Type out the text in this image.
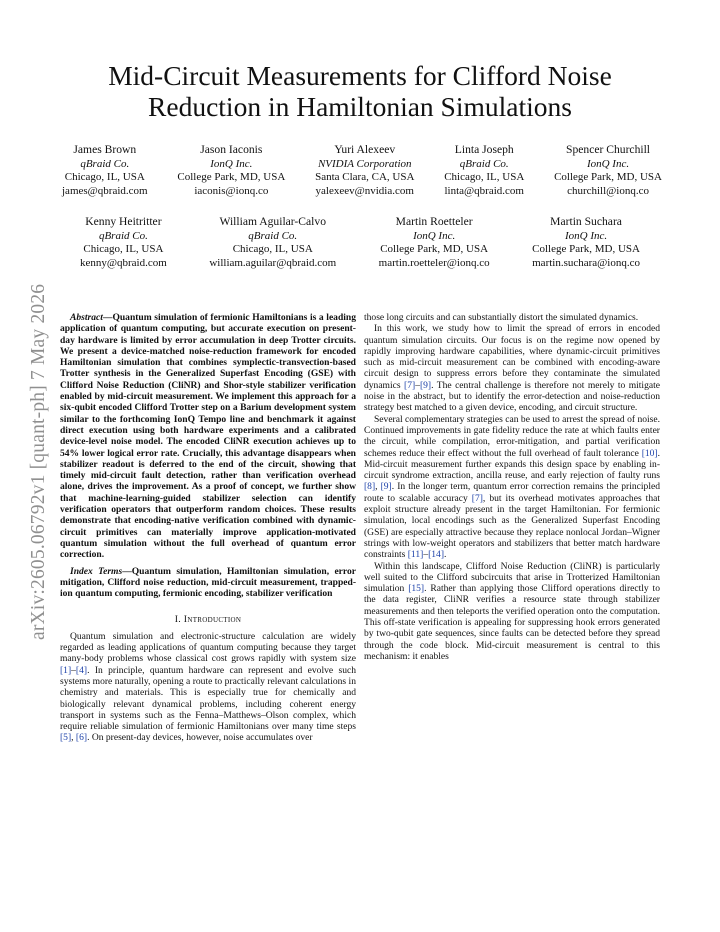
arXiv:2605.06792v1 [quant-ph] 7 May 2026
Mid-Circuit Measurements for Clifford Noise
Reduction in Hamiltonian Simulations
James Brown
qBraid Co.
Chicago, IL, USA
james@qbraid.com
Jason Iaconis
IonQ Inc.
College Park, MD, USA
iaconis@ionq.co
Yuri Alexeev
NVIDIA Corporation
Santa Clara, CA, USA
yalexeev@nvidia.com
Linta Joseph
qBraid Co.
Chicago, IL, USA
linta@qbraid.com
Spencer Churchill
IonQ Inc.
College Park, MD, USA
churchill@ionq.co
Kenny Heitritter
qBraid Co.
Chicago, IL, USA
kenny@qbraid.com
William Aguilar-Calvo
qBraid Co.
Chicago, IL, USA
william.aguilar@qbraid.com
Martin Roetteler
IonQ Inc.
College Park, MD, USA
martin.roetteler@ionq.co
Martin Suchara
IonQ Inc.
College Park, MD, USA
martin.suchara@ionq.co

Abstract—Quantum simulation of fermionic Hamiltonians is a leading application of quantum computing, but accurate execution on present-day hardware is limited by error accumulation in deep Trotter circuits. We present a device-matched noise-reduction framework for encoded Hamiltonian simulation that combines symplectic-transvection-based Trotter synthesis in the Generalized Superfast Encoding (GSE) with Clifford Noise Reduction (CliNR) and Shor-style stabilizer verification enabled by mid-circuit measurement. We implement this approach for a six-qubit encoded Clifford Trotter step on a Barium development system similar to the forthcoming IonQ Tempo line and benchmark it against direct execution using both hardware experiments and a calibrated device-level noise model. The encoded CliNR execution achieves up to 54% lower logical error rate. Crucially, this advantage disappears when stabilizer readout is deferred to the end of the circuit, showing that timely mid-circuit fault detection, rather than verification overhead alone, drives the improvement. As a proof of concept, we further show that machine-learning-guided stabilizer selection can identify verification operators that outperform random choices. These results demonstrate that encoding-native verification combined with dynamic-circuit primitives can materially improve application-motivated quantum simulation without the full overhead of quantum error correction.

Index Terms—Quantum simulation, Hamiltonian simulation, error mitigation, Clifford noise reduction, mid-circuit measurement, trapped-ion quantum computing, fermionic encoding, stabilizer verification

I. Introduction

Quantum simulation and electronic-structure calculation are widely regarded as leading applications of quantum computing because they target many-body problems whose classical cost grows rapidly with system size [1]–[4]. In principle, quantum hardware can represent and evolve such systems more naturally, opening a route to practically relevant calculations in chemistry and materials. This is especially true for chemically and biologically relevant dynamical problems, including coherent energy transport in systems such as the Fenna–Matthews–Olson complex, which require reliable simulation of fermionic Hamiltonians over many time steps [5], [6]. On present-day devices, however, noise accumulates over

those long circuits and can substantially distort the simulated dynamics.

In this work, we study how to limit the spread of errors in encoded quantum simulation circuits. Our focus is on the regime now opened by rapidly improving hardware capabilities, where dynamic-circuit primitives such as mid-circuit measurement can be combined with encoding-aware circuit design to suppress errors before they contaminate the simulated dynamics [7]–[9]. The central challenge is therefore not merely to mitigate noise in the abstract, but to identify the error-detection and noise-reduction strategy best matched to a given device, encoding, and circuit structure.

Several complementary strategies can be used to arrest the spread of noise. Continued improvements in gate fidelity reduce the rate at which faults enter the circuit, while compilation, error-mitigation, and partial verification schemes reduce their effect without the full overhead of fault tolerance [10]. Mid-circuit measurement further expands this design space by enabling in-circuit syndrome extraction, ancilla reuse, and early rejection of faulty runs [8], [9]. In the longer term, quantum error correction remains the principled route to scalable accuracy [7], but its overhead motivates approaches that exploit structure already present in the target Hamiltonian. For fermionic simulation, local encodings such as the Generalized Superfast Encoding (GSE) are especially attractive because they replace nonlocal Jordan–Wigner strings with low-weight operators and stabilizers that better match hardware constraints [11]–[14].

Within this landscape, Clifford Noise Reduction (CliNR) is particularly well suited to the Clifford subcircuits that arise in Trotterized Hamiltonian simulation [15]. Rather than applying those Clifford operations directly to the data register, CliNR verifies a resource state through stabilizer measurements and then teleports the verified operation onto the computation. This off-state verification is appealing for suppressing hook errors generated by two-qubit gate sequences, since faults can be detected before they spread through the code block. Mid-circuit measurement is central to this mechanism: it enables
